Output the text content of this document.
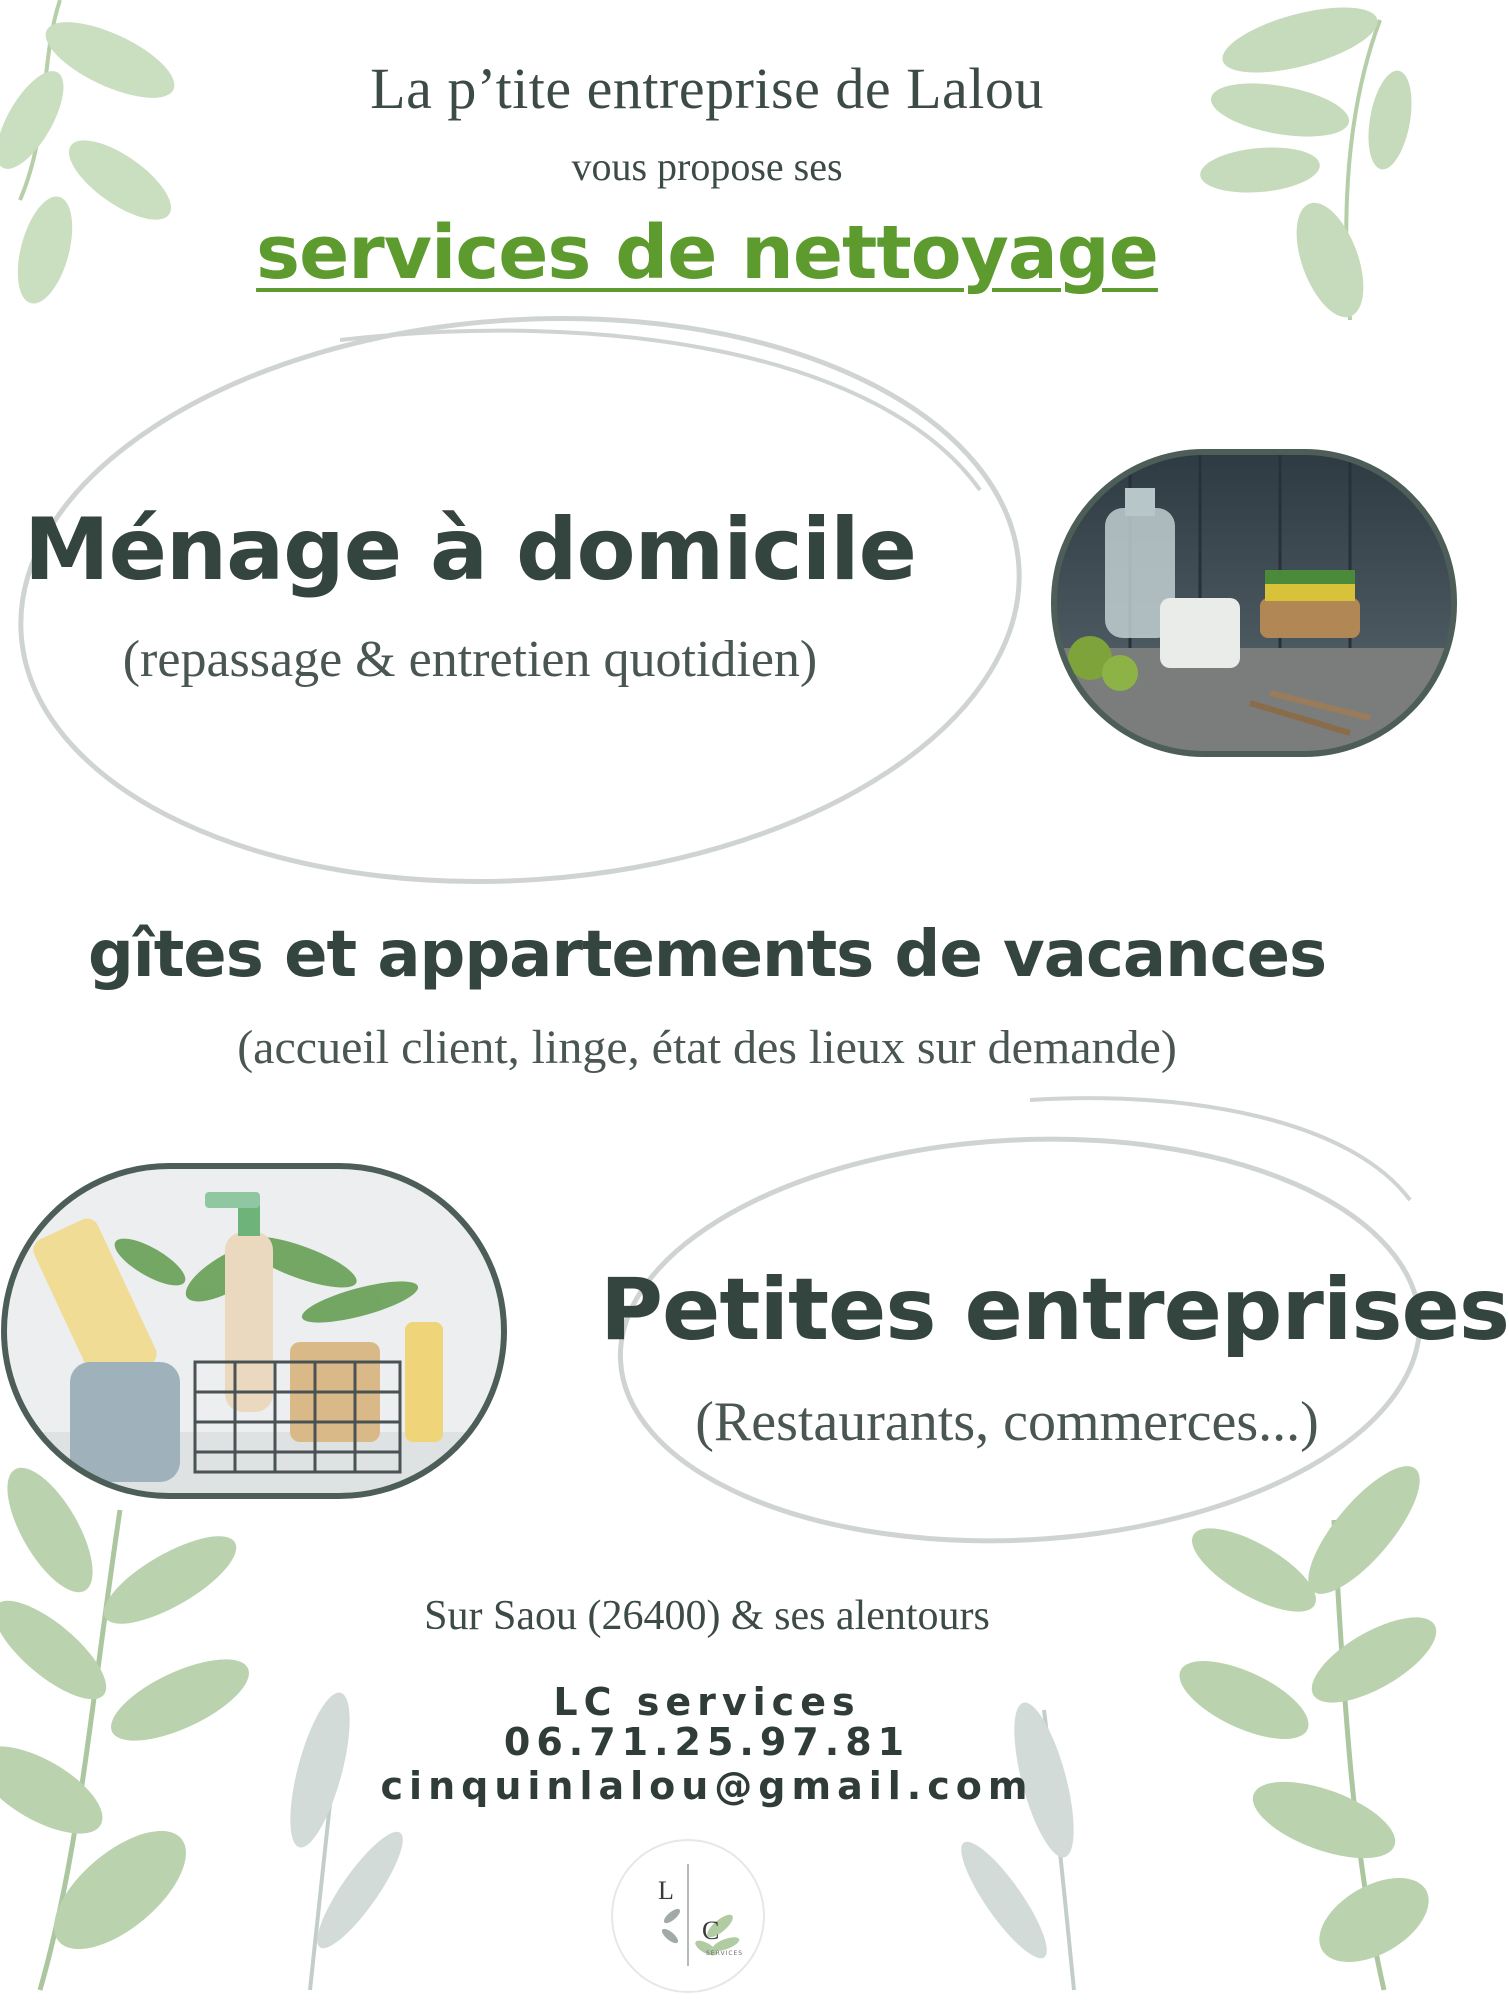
La p’tite entreprise de Lalou
vous propose ses
services de nettoyage
Ménage à domicile
(repassage & entretien quotidien)
gîtes et appartements de vacances
(accueil client, linge, état des lieux sur demande)
Petites entreprises
(Restaurants, commerces...)
Sur Saou (26400) & ses alentours
LC services
06.71.25.97.81
cinquinlalou@gmail.com
L
C
SERVICES
